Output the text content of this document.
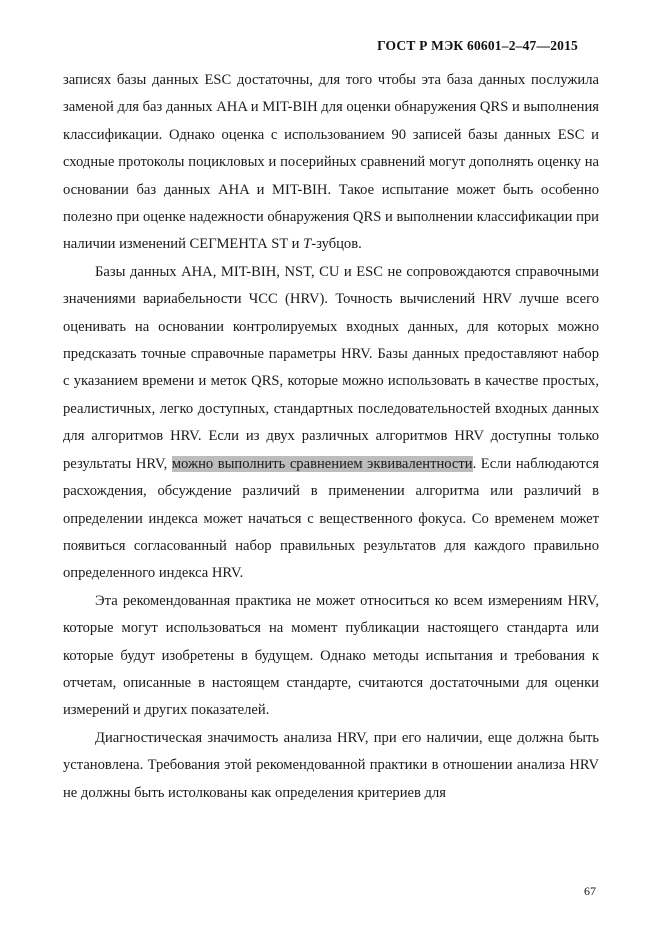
ГОСТ Р МЭК 60601–2–47—2015

записях базы данных ESC достаточны, для того чтобы эта база данных послужила заменой для баз данных AHA и MIT-BIH для оценки обнаружения QRS и выполнения классификации. Однако оценка с использованием 90 записей базы данных ESC и сходные протоколы поцикловых и посерийных сравнений могут дополнять оценку на основании баз данных AHA и MIT-BIH. Такое испытание может быть особенно полезно при оценке надежности обнаружения QRS и выполнении классификации при наличии изменений СЕГМЕНТА ST и T-зубцов.

Базы данных AHA, MIT-BIH, NST, CU и ESC не сопровождаются справочными значениями вариабельности ЧСС (HRV). Точность вычислений HRV лучше всего оценивать на основании контролируемых входных данных, для которых можно предсказать точные справочные параметры HRV. Базы данных предоставляют набор с указанием времени и меток QRS, которые можно использовать в качестве простых, реалистичных, легко доступных, стандартных последовательностей входных данных для алгоритмов HRV. Если из двух различных алгоритмов HRV доступны только результаты HRV, можно выполнить сравнением эквивалентности. Если наблюдаются расхождения, обсуждение различий в применении алгоритма или различий в определении индекса может начаться с вещественного фокуса. Со временем может появиться согласованный набор правильных результатов для каждого правильно определенного индекса HRV.

Эта рекомендованная практика не может относиться ко всем измерениям HRV, которые могут использоваться на момент публикации настоящего стандарта или которые будут изобретены в будущем. Однако методы испытания и требования к отчетам, описанные в настоящем стандарте, считаются достаточными для оценки измерений и других показателей.

Диагностическая значимость анализа HRV, при его наличии, еще должна быть установлена. Требования этой рекомендованной практики в отношении анализа HRV не должны быть истолкованы как определения критериев для

67
